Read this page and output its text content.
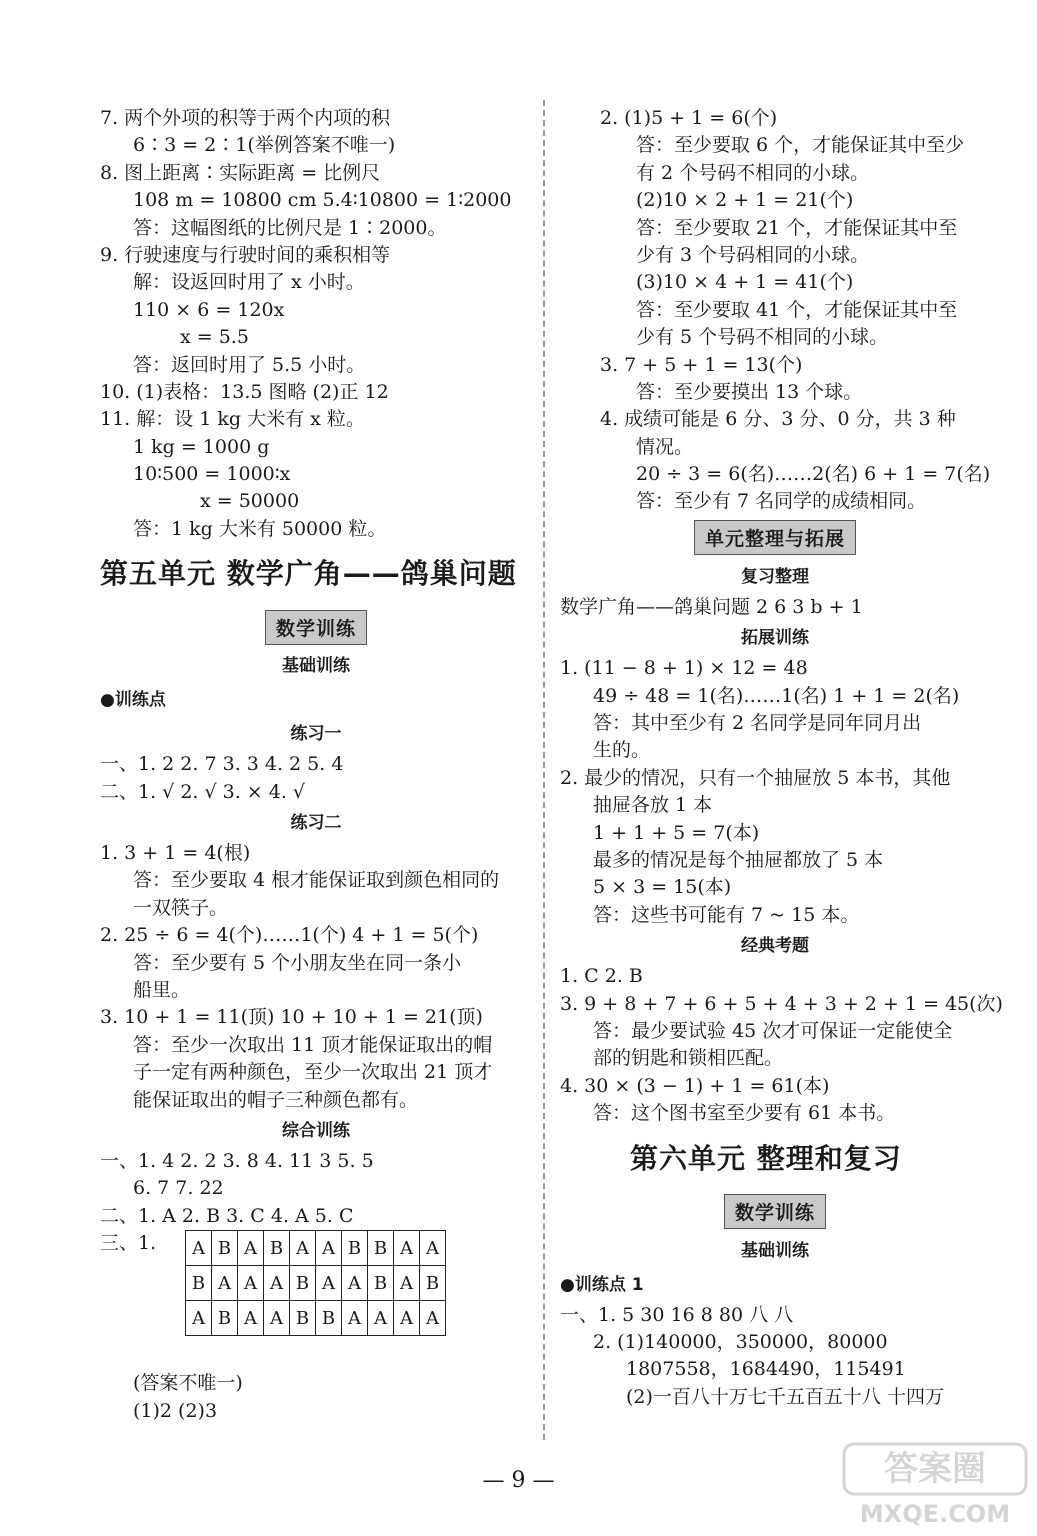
7. 两个外项的积等于两个内项的积
6∶3 = 2∶1(举例答案不唯一)
8. 图上距离∶实际距离 = 比例尺
108 m = 10800 cm 5.4∶10800 = 1∶2000
答：这幅图纸的比例尺是 1∶2000。
9. 行驶速度与行驶时间的乘积相等
解：设返回时用了 x 小时。
110 × 6 = 120x
x = 5.5
答：返回时用了 5.5 小时。
10. (1)表格：13.5 图略 (2)正 12
11. 解：设 1 kg 大米有 x 粒。
1 kg = 1000 g
10∶500 = 1000∶x
x = 50000
答：1 kg 大米有 50000 粒。
第五单元 数学广角——鸽巢问题
数学训练
基础训练
●训练点
练习一
一、1. 2 2. 7 3. 3 4. 2 5. 4
二、1. √ 2. √ 3. × 4. √
练习二
1. 3 + 1 = 4(根)
答：至少要取 4 根才能保证取到颜色相同的
一双筷子。
2. 25 ÷ 6 = 4(个)……1(个) 4 + 1 = 5(个)
答：至少要有 5 个小朋友坐在同一条小
船里。
3. 10 + 1 = 11(顶) 10 + 10 + 1 = 21(顶)
答：至少一次取出 11 顶才能保证取出的帽
子一定有两种颜色，至少一次取出 21 顶才
能保证取出的帽子三种颜色都有。
综合训练
一、1. 4 2. 2 3. 8 4. 11 3 5. 5
6. 7 7. 22
二、1. A 2. B 3. C 4. A 5. C
三、1. A	B	A	B	A	A	B	B	A	A
B	A	A	A	B	A	A	B	A	B
A	B	A	A	B	B	A	A	A	A
(答案不唯一)
(1)2 (2)3
2. (1)5 + 1 = 6(个)
答：至少要取 6 个，才能保证其中至少
有 2 个号码不相同的小球。
(2)10 × 2 + 1 = 21(个)
答：至少要取 21 个，才能保证其中至
少有 3 个号码相同的小球。
(3)10 × 4 + 1 = 41(个)
答：至少要取 41 个，才能保证其中至
少有 5 个号码不相同的小球。
3. 7 + 5 + 1 = 13(个)
答：至少要摸出 13 个球。
4. 成绩可能是 6 分、3 分、0 分，共 3 种
情况。
20 ÷ 3 = 6(名)……2(名) 6 + 1 = 7(名)
答：至少有 7 名同学的成绩相同。
单元整理与拓展
复习整理
数学广角——鸽巢问题 2 6 3 b + 1
拓展训练
1. (11 − 8 + 1) × 12 = 48
49 ÷ 48 = 1(名)……1(名) 1 + 1 = 2(名)
答：其中至少有 2 名同学是同年同月出
生的。
2. 最少的情况，只有一个抽屉放 5 本书，其他
抽屉各放 1 本
1 + 1 + 5 = 7(本)
最多的情况是每个抽屉都放了 5 本
5 × 3 = 15(本)
答：这些书可能有 7 ~ 15 本。
经典考题
1. C 2. B
3. 9 + 8 + 7 + 6 + 5 + 4 + 3 + 2 + 1 = 45(次)
答：最少要试验 45 次才可保证一定能使全
部的钥匙和锁相匹配。
4. 30 × (3 − 1) + 1 = 61(本)
答：这个图书室至少要有 61 本书。
第六单元 整理和复习
数学训练
基础训练
●训练点 1
一、1. 5 30 16 8 80 八 八
2. (1)140000，350000，80000
1807558，1684490，115491
(2)一百八十万七千五百五十八 十四万
— 9 —	答案圈
MXQE.COM
